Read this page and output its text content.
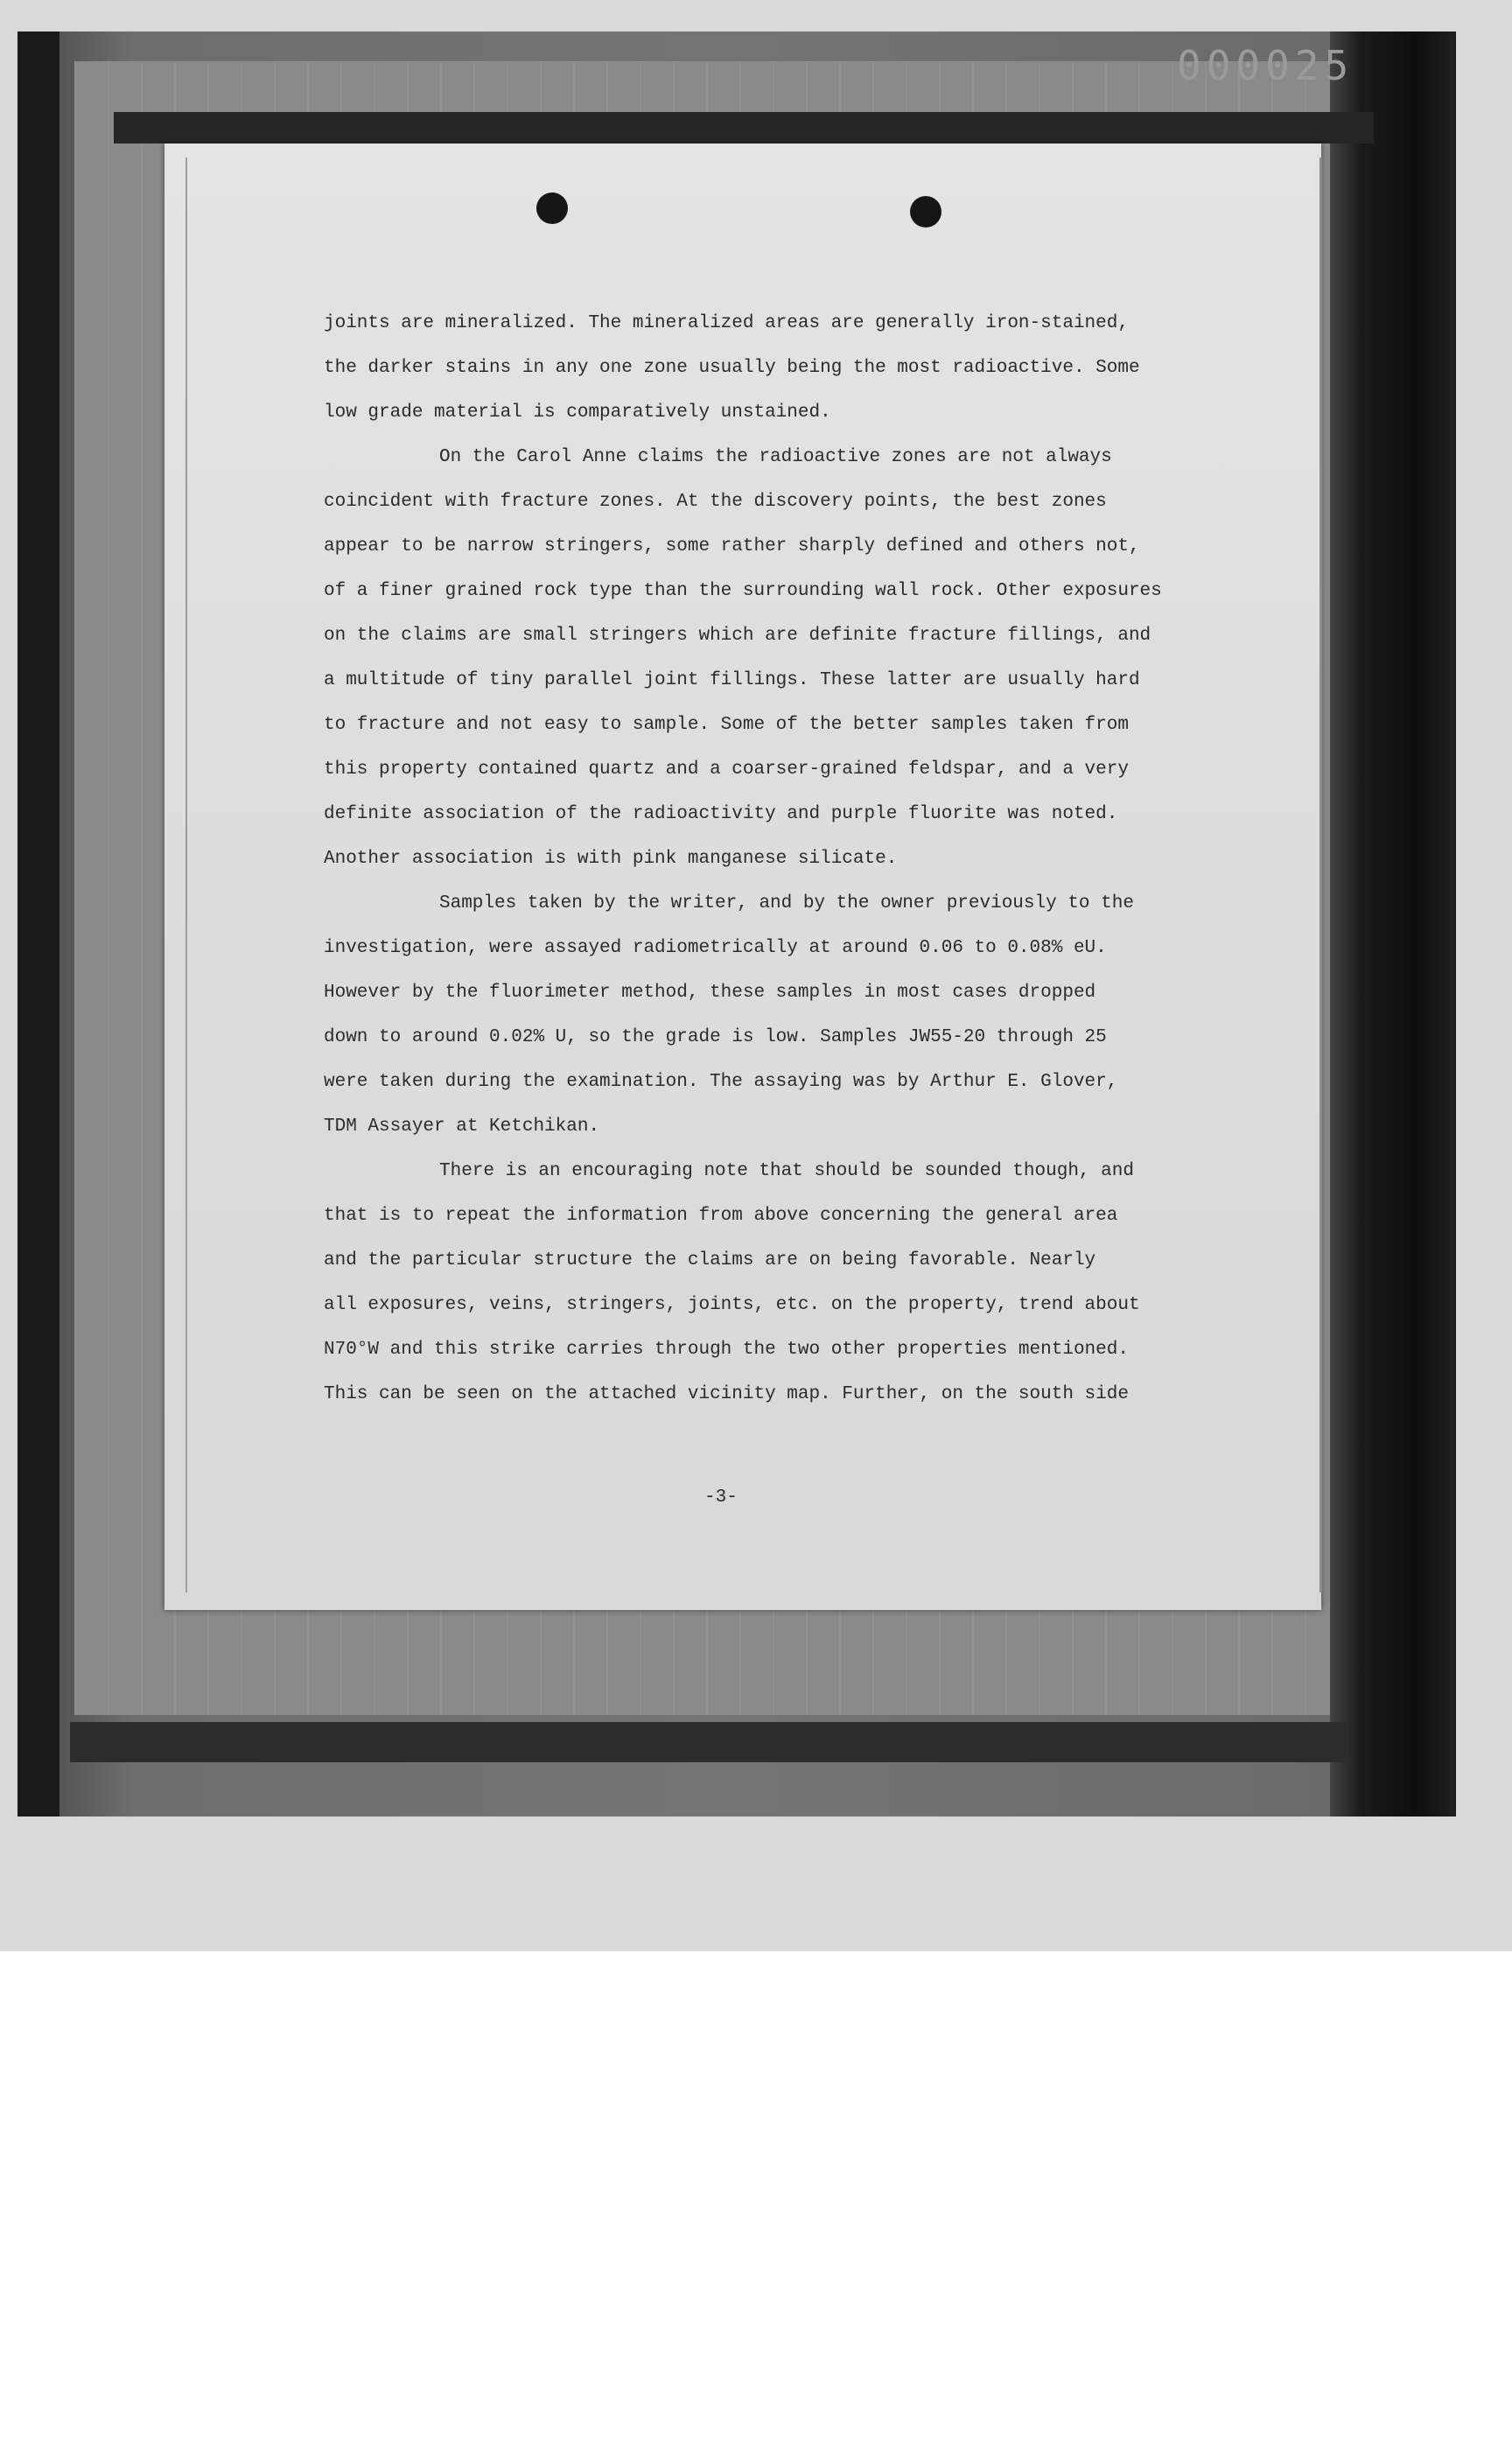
000025
joints are mineralized. The mineralized areas are generally iron-stained,
the darker stains in any one zone usually being the most radioactive. Some
low grade material is comparatively unstained.
On the Carol Anne claims the radioactive zones are not always
coincident with fracture zones. At the discovery points, the best zones
appear to be narrow stringers, some rather sharply defined and others not,
of a finer grained rock type than the surrounding wall rock. Other exposures
on the claims are small stringers which are definite fracture fillings, and
a multitude of tiny parallel joint fillings. These latter are usually hard
to fracture and not easy to sample. Some of the better samples taken from
this property contained quartz and a coarser-grained feldspar, and a very
definite association of the radioactivity and purple fluorite was noted.
Another association is with pink manganese silicate.
Samples taken by the writer, and by the owner previously to the
investigation, were assayed radiometrically at around 0.06 to 0.08% eU.
However by the fluorimeter method, these samples in most cases dropped
down to around 0.02% U, so the grade is low. Samples JW55-20 through 25
were taken during the examination. The assaying was by Arthur E. Glover,
TDM Assayer at Ketchikan.
There is an encouraging note that should be sounded though, and
that is to repeat the information from above concerning the general area
and the particular structure the claims are on being favorable. Nearly
all exposures, veins, stringers, joints, etc. on the property, trend about
N70°W and this strike carries through the two other properties mentioned.
This can be seen on the attached vicinity map. Further, on the south side
-3-
